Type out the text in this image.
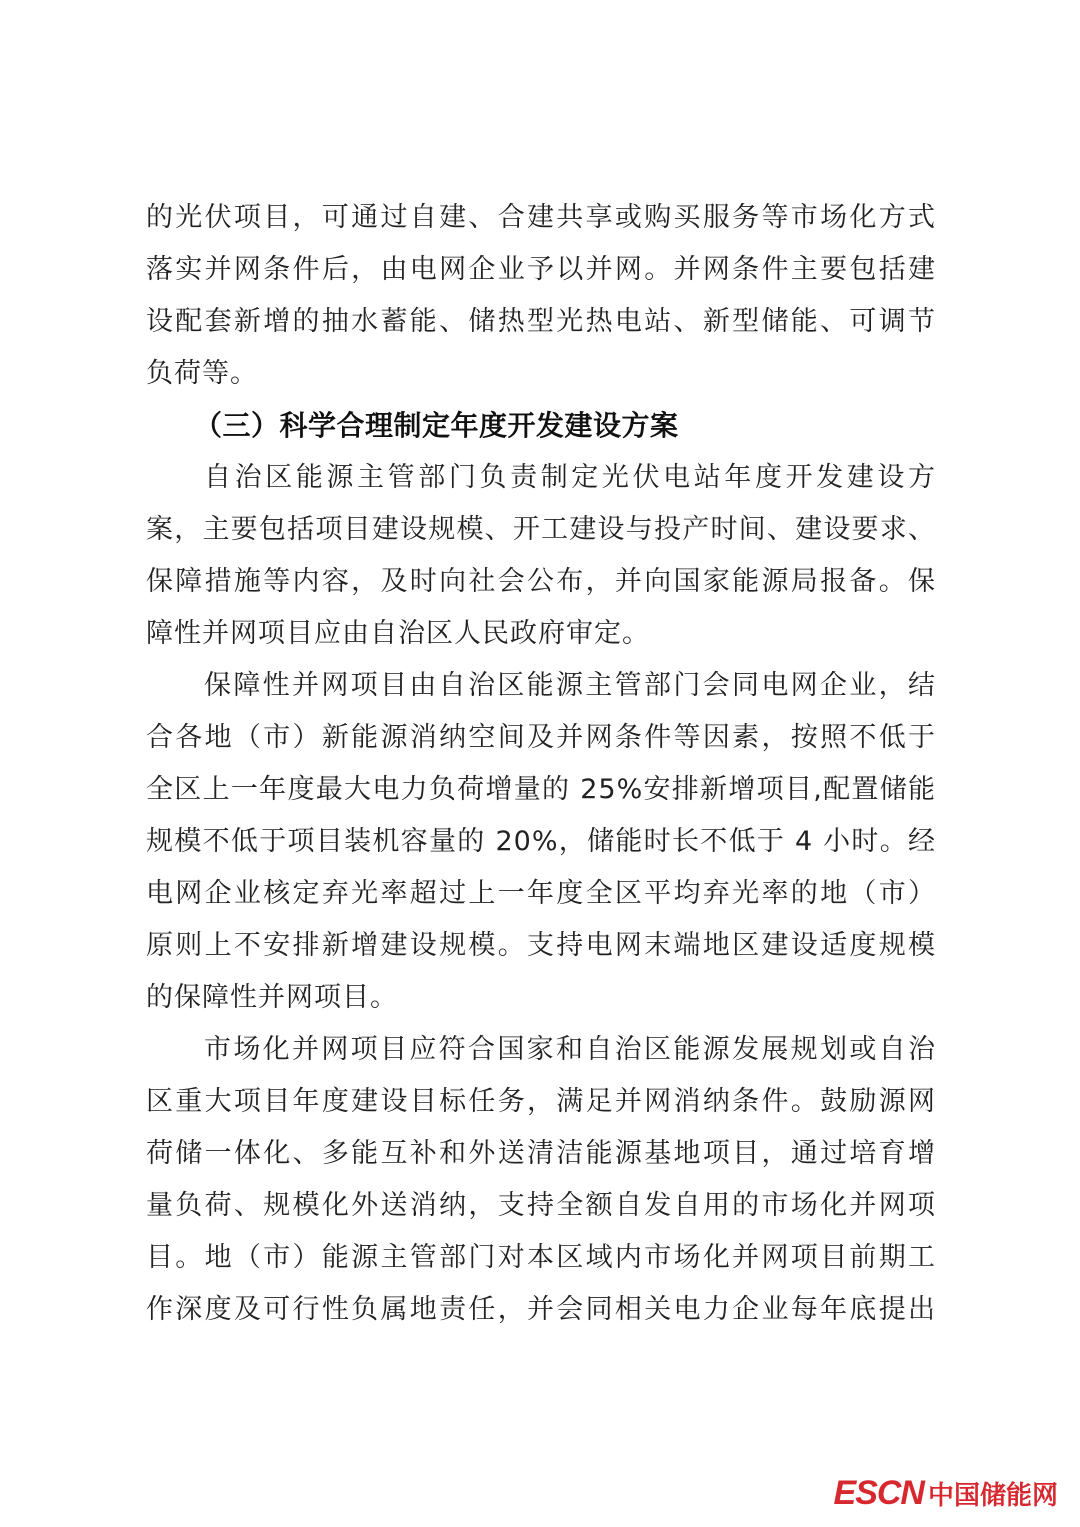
的光伏项目，可通过自建、合建共享或购买服务等市场化方式
落实并网条件后，由电网企业予以并网。并网条件主要包括建
设配套新增的抽水蓄能、储热型光热电站、新型储能、可调节
负荷等。
（三）科学合理制定年度开发建设方案
自治区能源主管部门负责制定光伏电站年度开发建设方
案，主要包括项目建设规模、开工建设与投产时间、建设要求、
保障措施等内容，及时向社会公布，并向国家能源局报备。保
障性并网项目应由自治区人民政府审定。
保障性并网项目由自治区能源主管部门会同电网企业，结
合各地（市）新能源消纳空间及并网条件等因素，按照不低于
全区上一年度最大电力负荷增量的 25%安排新增项目,配置储能
规模不低于项目装机容量的 20%，储能时长不低于 4 小时。经
电网企业核定弃光率超过上一年度全区平均弃光率的地（市）
原则上不安排新增建设规模。支持电网末端地区建设适度规模
的保障性并网项目。
市场化并网项目应符合国家和自治区能源发展规划或自治
区重大项目年度建设目标任务，满足并网消纳条件。鼓励源网
荷储一体化、多能互补和外送清洁能源基地项目，通过培育增
量负荷、规模化外送消纳，支持全额自发自用的市场化并网项
目。地（市）能源主管部门对本区域内市场化并网项目前期工
作深度及可行性负属地责任，并会同相关电力企业每年底提出
ESCN 中国储能网
